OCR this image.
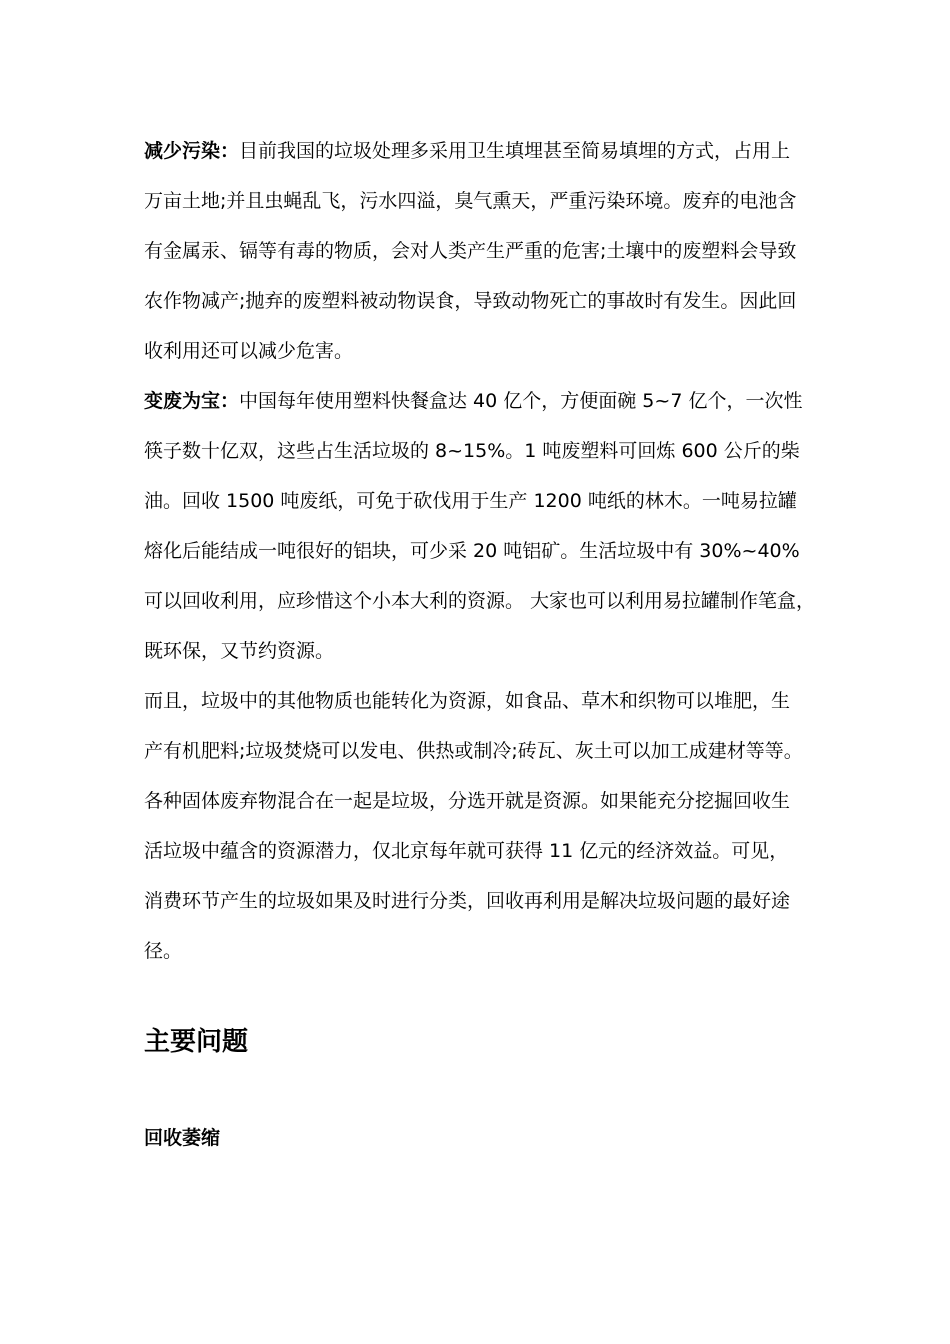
减少污染：目前我国的垃圾处理多采用卫生填埋甚至简易填埋的方式，占用上

万亩土地;并且虫蝇乱飞，污水四溢，臭气熏天，严重污染环境。废弃的电池含

有金属汞、镉等有毒的物质，会对人类产生严重的危害;土壤中的废塑料会导致

农作物减产;抛弃的废塑料被动物误食，导致动物死亡的事故时有发生。因此回

收利用还可以减少危害。

变废为宝：中国每年使用塑料快餐盒达 40 亿个，方便面碗 5~7 亿个，一次性

筷子数十亿双，这些占生活垃圾的 8~15%。1 吨废塑料可回炼 600 公斤的柴

油。回收 1500 吨废纸，可免于砍伐用于生产 1200 吨纸的林木。一吨易拉罐

熔化后能结成一吨很好的铝块，可少采 20 吨铝矿。生活垃圾中有 30%~40%

可以回收利用，应珍惜这个小本大利的资源。 大家也可以利用易拉罐制作笔盒，

既环保，又节约资源。

而且，垃圾中的其他物质也能转化为资源，如食品、草木和织物可以堆肥，生

产有机肥料;垃圾焚烧可以发电、供热或制冷;砖瓦、灰土可以加工成建材等等。

各种固体废弃物混合在一起是垃圾，分选开就是资源。如果能充分挖掘回收生

活垃圾中蕴含的资源潜力，仅北京每年就可获得 11 亿元的经济效益。可见，

消费环节产生的垃圾如果及时进行分类，回收再利用是解决垃圾问题的最好途

径。

主要问题
回收萎缩
